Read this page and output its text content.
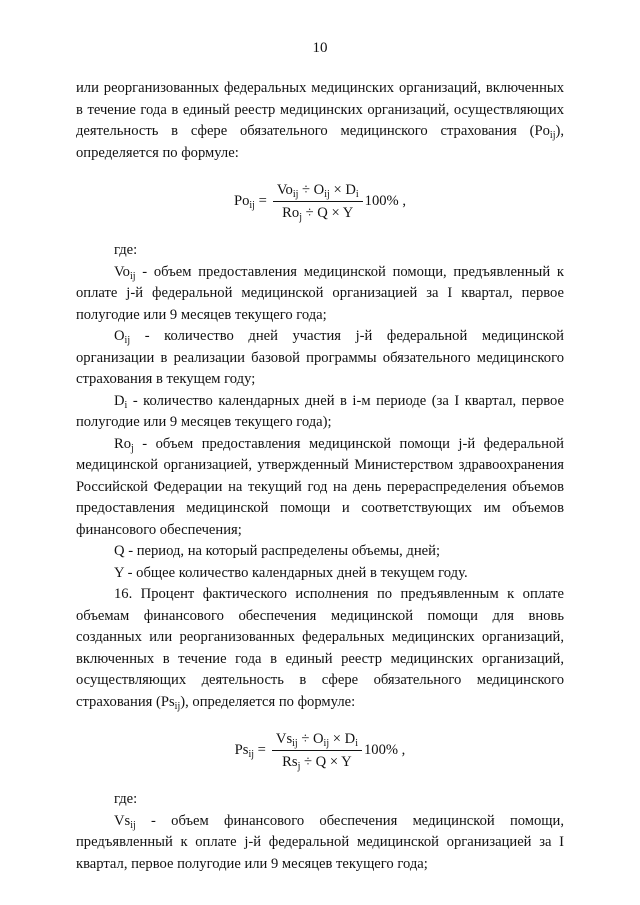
10

или реорганизованных федеральных медицинских организаций, включенных в течение года в единый реестр медицинских организаций, осуществляющих деятельность в сфере обязательного медицинского страхования $(Po_{ij})$, определяется по формуле:

$Po_{ij} = \frac{Vo_{ij} \div O_{ij} \times D_i}{Ro_j \div Q \times Y} 100\%$ ,

где:

$Vo_{ij}$ - объем предоставления медицинской помощи, предъявленный к оплате j-й федеральной медицинской организацией за I квартал, первое полугодие или 9 месяцев текущего года;

$O_{ij}$ - количество дней участия j-й федеральной медицинской организации в реализации базовой программы обязательного медицинского страхования в текущем году;

$D_i$ - количество календарных дней в i-м периоде (за I квартал, первое полугодие или 9 месяцев текущего года);

$Ro_j$ - объем предоставления медицинской помощи j-й федеральной медицинской организацией, утвержденный Министерством здравоохранения Российской Федерации на текущий год на день перераспределения объемов предоставления медицинской помощи и соответствующих им объемов финансового обеспечения;

Q - период, на который распределены объемы, дней;

Y - общее количество календарных дней в текущем году.

16. Процент фактического исполнения по предъявленным к оплате объемам финансового обеспечения медицинской помощи для вновь созданных или реорганизованных федеральных медицинских организаций, включенных в течение года в единый реестр медицинских организаций, осуществляющих деятельность в сфере обязательного медицинского страхования $(Ps_{ij})$, определяется по формуле:

$Ps_{ij} = \frac{Vs_{ij} \div O_{ij} \times D_i}{Rs_j \div Q \times Y} 100\%$ ,

где:

$Vs_{ij}$ - объем финансового обеспечения медицинской помощи, предъявленный к оплате j-й федеральной медицинской организацией за I квартал, первое полугодие или 9 месяцев текущего года;
